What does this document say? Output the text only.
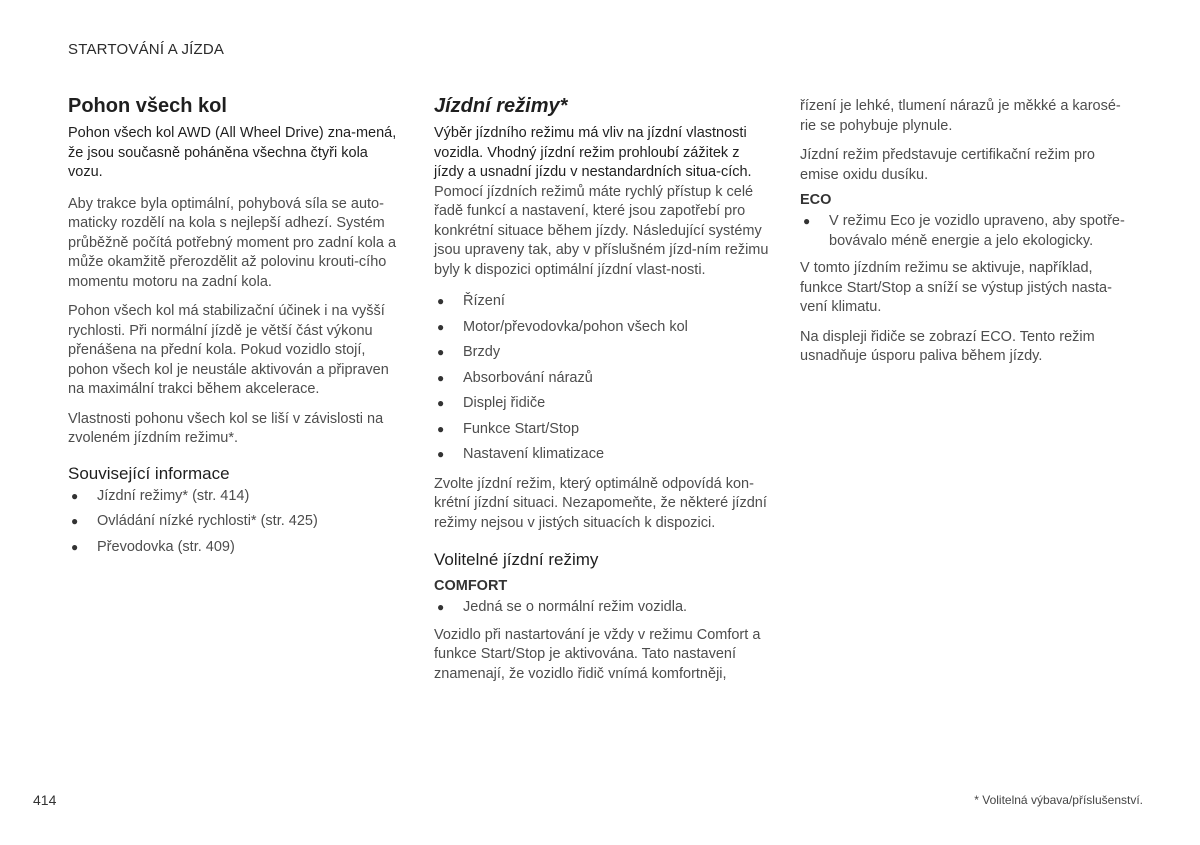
STARTOVÁNÍ A JÍZDA
Pohon všech kol
Pohon všech kol AWD (All Wheel Drive) zna-mená, že jsou současně poháněna všechna čtyři kola vozu.

Aby trakce byla optimální, pohybová síla se auto-maticky rozdělí na kola s nejlepší adhezí. Systém průběžně počítá potřebný moment pro zadní kola a může okamžitě přerozdělit až polovinu krouti-cího momentu motoru na zadní kola.

Pohon všech kol má stabilizační účinek i na vyšší rychlosti. Při normální jízdě je větší část výkonu přenášena na přední kola. Pokud vozidlo stojí, pohon všech kol je neustále aktivován a připraven na maximální trakci během akcelerace.

Vlastnosti pohonu všech kol se liší v závislosti na zvoleném jízdním režimu*.

Související informace
● Jízdní režimy* (str. 414)
● Ovládání nízké rychlosti* (str. 425)
● Převodovka (str. 409)
Jízdní režimy*
Výběr jízdního režimu má vliv na jízdní vlastnosti vozidla. Vhodný jízdní režim prohloubí zážitek z jízdy a usnadní jízdu v nestandardních situa-cích.

Pomocí jízdních režimů máte rychlý přístup k celé řadě funkcí a nastavení, které jsou zapotřebí pro konkrétní situace během jízdy. Následující systémy jsou upraveny tak, aby v příslušném jízd-ním režimu byly k dispozici optimální jízdní vlast-nosti.

● Řízení
● Motor/převodovka/pohon všech kol
● Brzdy
● Absorbování nárazů
● Displej řidiče
● Funkce Start/Stop
● Nastavení klimatizace

Zvolte jízdní režim, který optimálně odpovídá kon-krétní jízdní situaci. Nezapomeňte, že některé jízdní režimy nejsou v jistých situacích k dispozici.

Volitelné jízdní režimy
COMFORT
● Jedná se o normální režim vozidla.

Vozidlo při nastartování je vždy v režimu Comfort a funkce Start/Stop je aktivována. Tato nastavení znamenají, že vozidlo řidič vnímá komfortněji,

řízení je lehké, tlumení nárazů je měkké a karosé-rie se pohybuje plynule.

Jízdní režim představuje certifikační režim pro emise oxidu dusíku.

ECO
● V režimu Eco je vozidlo upraveno, aby spotře-bovávalo méně energie a jelo ekologicky.

V tomto jízdním režimu se aktivuje, například, funkce Start/Stop a sníží se výstup jistých nasta-vení klimatu.

Na displeji řidiče se zobrazí ECO. Tento režim usnadňuje úsporu paliva během jízdy.

414	* Volitelná výbava/příslušenství.
